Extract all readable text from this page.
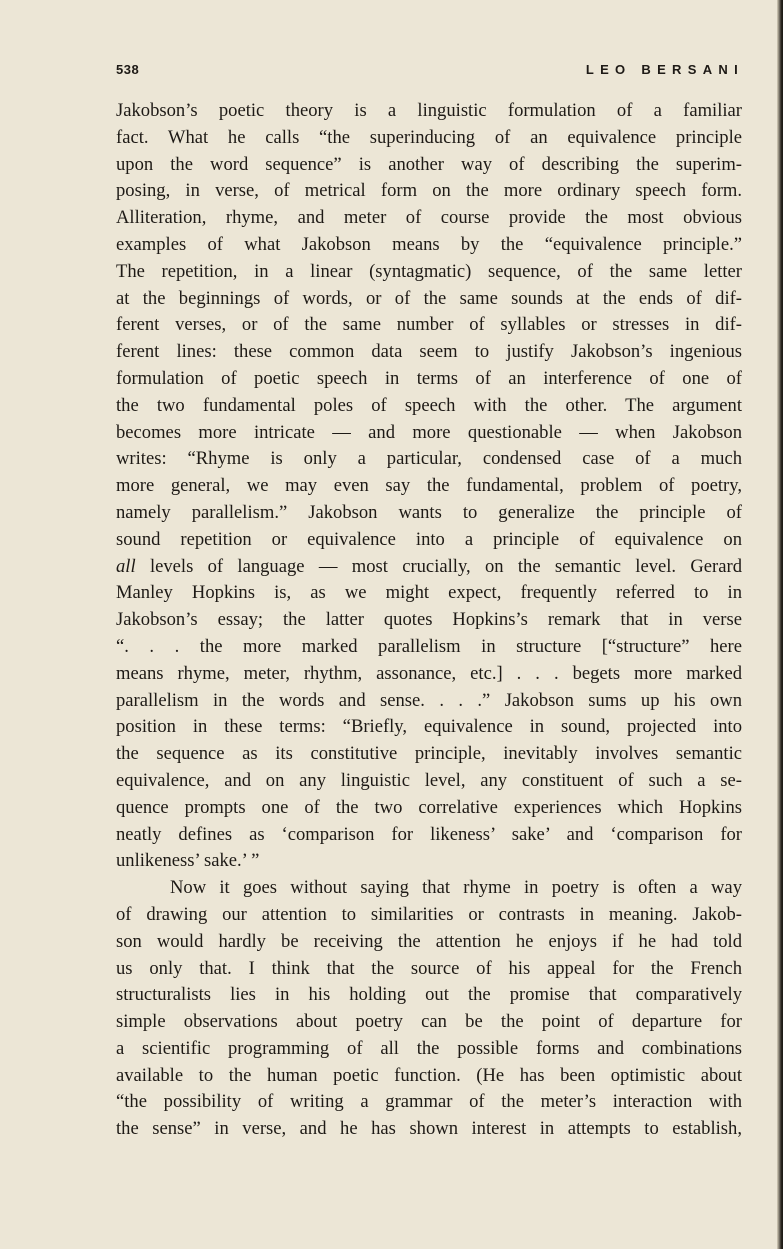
538	LEO BERSANI
Jakobson’s poetic theory is a linguistic formulation of a familiar
fact. What he calls “the superinducing of an equivalence principle
upon the word sequence” is another way of describing the superim-
posing, in verse, of metrical form on the more ordinary speech form.
Alliteration, rhyme, and meter of course provide the most obvious
examples of what Jakobson means by the “equivalence principle.”
The repetition, in a linear (syntagmatic) sequence, of the same letter
at the beginnings of words, or of the same sounds at the ends of dif-
ferent verses, or of the same number of syllables or stresses in dif-
ferent lines: these common data seem to justify Jakobson’s ingenious
formulation of poetic speech in terms of an interference of one of
the two fundamental poles of speech with the other. The argument
becomes more intricate — and more questionable — when Jakobson
writes: “Rhyme is only a particular, condensed case of a much
more general, we may even say the fundamental, problem of poetry,
namely parallelism.” Jakobson wants to generalize the principle of
sound repetition or equivalence into a principle of equivalence on
all levels of language — most crucially, on the semantic level. Gerard
Manley Hopkins is, as we might expect, frequently referred to in
Jakobson’s essay; the latter quotes Hopkins’s remark that in verse
“. . . the more marked parallelism in structure [“structure” here
means rhyme, meter, rhythm, assonance, etc.] . . . begets more marked
parallelism in the words and sense. . . .” Jakobson sums up his own
position in these terms: “Briefly, equivalence in sound, projected into
the sequence as its constitutive principle, inevitably involves semantic
equivalence, and on any linguistic level, any constituent of such a se-
quence prompts one of the two correlative experiences which Hopkins
neatly defines as ‘comparison for likeness’ sake’ and ‘comparison for
unlikeness’ sake.’ ”
Now it goes without saying that rhyme in poetry is often a way
of drawing our attention to similarities or contrasts in meaning. Jakob-
son would hardly be receiving the attention he enjoys if he had told
us only that. I think that the source of his appeal for the French
structuralists lies in his holding out the promise that comparatively
simple observations about poetry can be the point of departure for
a scientific programming of all the possible forms and combinations
available to the human poetic function. (He has been optimistic about
“the possibility of writing a grammar of the meter’s interaction with
the sense” in verse, and he has shown interest in attempts to establish,
